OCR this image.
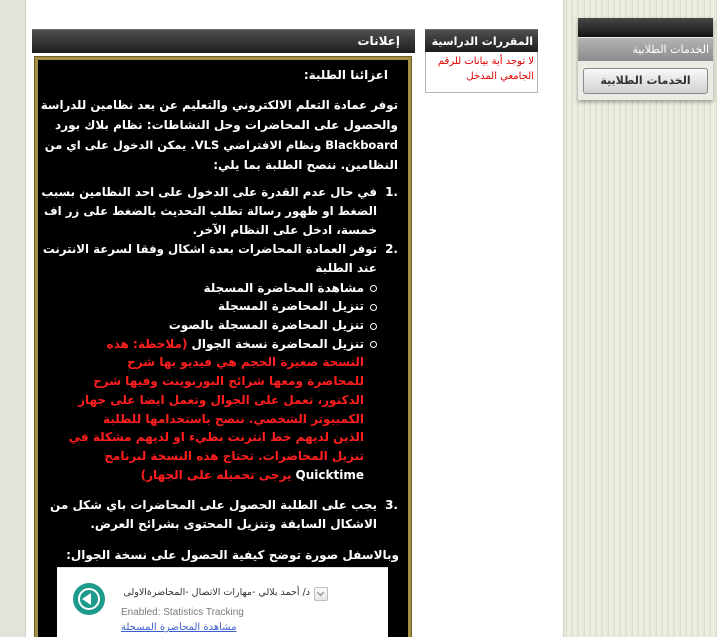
الخدمات الطلابية
الخدمات الطلابية
المقررات الدراسية
لا توجد أية بيانات للرقم
الجامعي المدخل
إعلانات
اعزائنا الطلبة:
توفر عمادة التعلم الالكتروني والتعليم عن بعد نظامين للدراسة
والحصول على المحاضرات وحل النشاطات: نظام بلاك بورد
Blackboard ونظام الافتراضي VLS. يمكن الدخول على اي من
النظامين. ننصح الطلبة بما يلي:
1.
في حال عدم القدرة على الدخول على احد النظامين بسبب
الضغط او ظهور رسالة تطلب التحديث بالضغط على زر اف
خمسة، ادخل على النظام الآخر.
2.
توفر العمادة المحاضرات بعدة اشكال وفقا لسرعة الانترنت
عند الطلبة
مشاهدة المحاضرة المسجلة
تنزيل المحاضرة المسجلة
تنزيل المحاضرة المسجلة بالصوت
تنزيل المحاضرة نسخة الجوال(ملاحظة: هذه
النسخة صغيرة الحجم هي فيديو بها شرح
للمحاضرة ومعها شرائح البوربوينت وفيها شرح
الدكتور، تعمل على الجوال وتعمل ايضا على جهاز
الكمبيوتر الشخصي. ننصح باستخدامها للطلبة
الذين لديهم خط انترنت بطيء او لديهم مشكلة في
تنزيل المحاضرات. تحتاج هذه النسخة لبرنامج
Quicktimeيرجى تحميله على الجهاز)
3.
يجب على الطلبة الحصول على المحاضرات باي شكل من
الاشكال السابقة وتنزيل المحتوى بشرائح العرض.
وبالاسفل صورة توضح كيفية الحصول على نسخة الجوال:
د/ أحمد بلالي -مهارات الاتصال -المحاضرةالاولى
Enabled: Statistics Tracking
مشاهدة المحاضرة المسجلة
